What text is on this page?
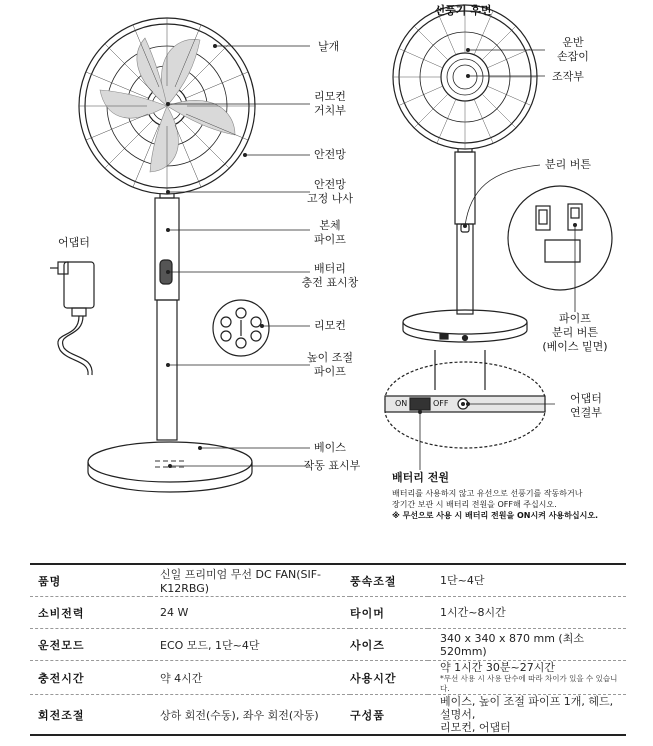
선풍기 후면
날개
리모컨
거치부
안전망
안전망
고정 나사
본체
파이프
배터리
충전 표시창
리모컨
높이 조절
파이프
베이스
작동 표시부
어댑터
운반
손잡이
조작부
분리 버튼
파이프
분리 버튼
(베이스 밑면)
어댑터
연결부
ON	OFF
배터리 전원
배터리를 사용하지 않고 유선으로 선풍기를 작동하거나
장기간 보관 시 배터리 전원을 OFF해 주십시오.
※ 무선으로 사용 시 배터리 전원을 ON시켜 사용하십시오.
품명	신일 프리미엄 무선 DC FAN(SIF-K12RBG)	풍속조절	1단~4단
소비전력	24 W	타이머	1시간~8시간
운전모드	ECO 모드, 1단~4단	사이즈	340 x 340 x 870 mm (최소 520mm)
충전시간	약 4시간	사용시간	약 1시간 30분~27시간
*무선 사용 시 사용 단수에 따라 차이가 있을 수 있습니다.

회전조절	상하 회전(수동), 좌우 회전(자동)	구성품	베이스, 높이 조절 파이프 1개, 헤드, 설명서,
리모컨, 어댑터
